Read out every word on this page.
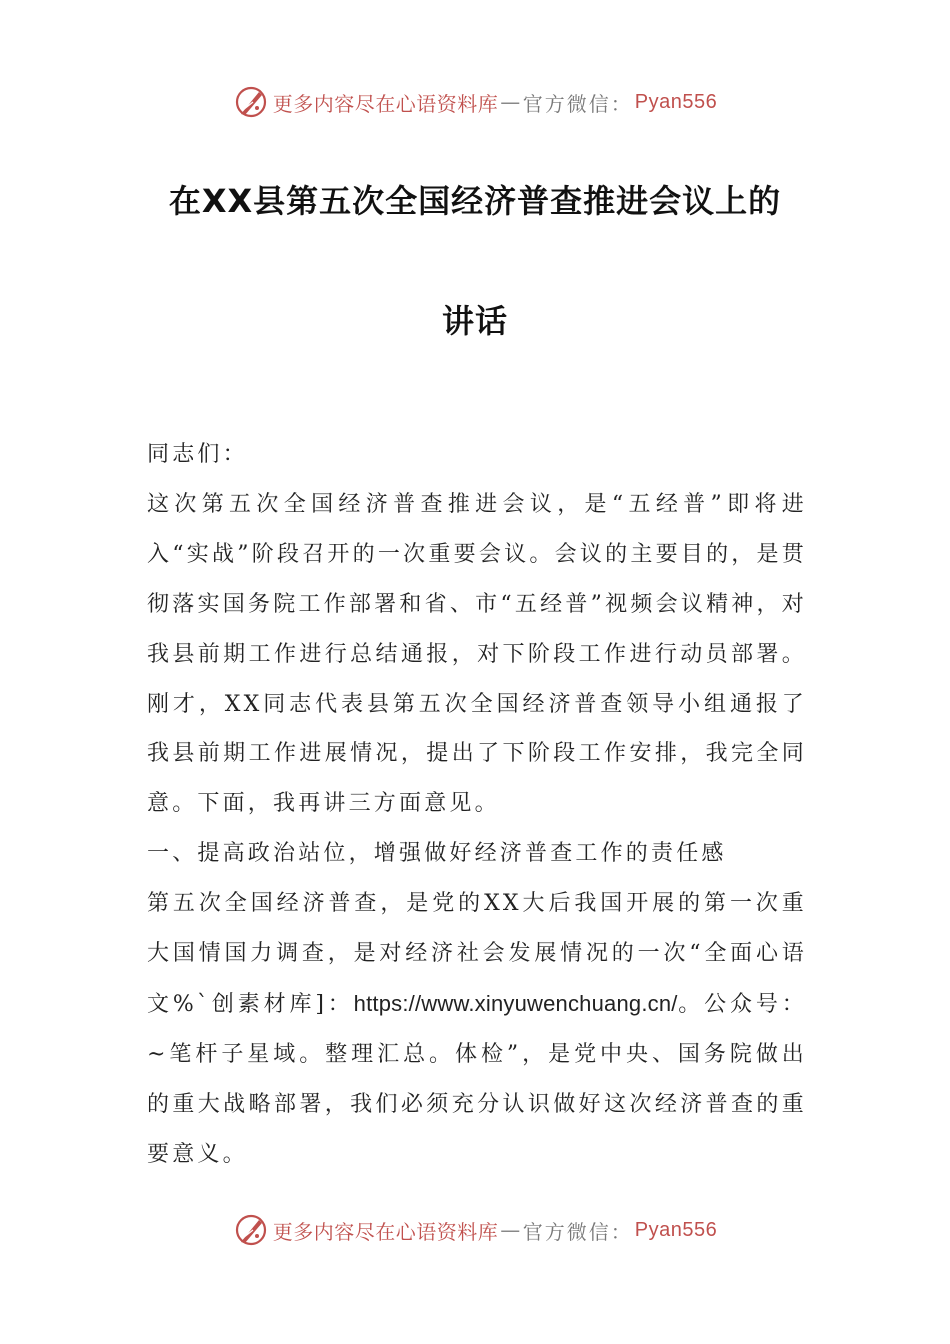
更多内容尽在心语资料库 — 官方微信： Pyan556
在XX县第五次全国经济普查推进会议上的
讲话

同志们：

这次第五次全国经济普查推进会议，是“五经普”即将进入“实战”阶段召开的一次重要会议。会议的主要目的，是贯彻落实国务院工作部署和省、市“五经普”视频会议精神，对我县前期工作进行总结通报，对下阶段工作进行动员部署。刚才，XX同志代表县第五次全国经济普查领导小组通报了我县前期工作进展情况，提出了下阶段工作安排，我完全同意。下面，我再讲三方面意见。

一、提高政治站位，增强做好经济普查工作的责任感

第五次全国经济普查，是党的XX大后我国开展的第一次重大国情国力调查，是对经济社会发展情况的一次“全面心语文%`创素材库]：https://www.xinyuwenchuang.cn/。公众号：~笔杆子星域。整理汇总。体检”，是党中央、国务院做出的重大战略部署，我们必须充分认识做好这次经济普查的重要意义。

更多内容尽在心语资料库 — 官方微信： Pyan556
